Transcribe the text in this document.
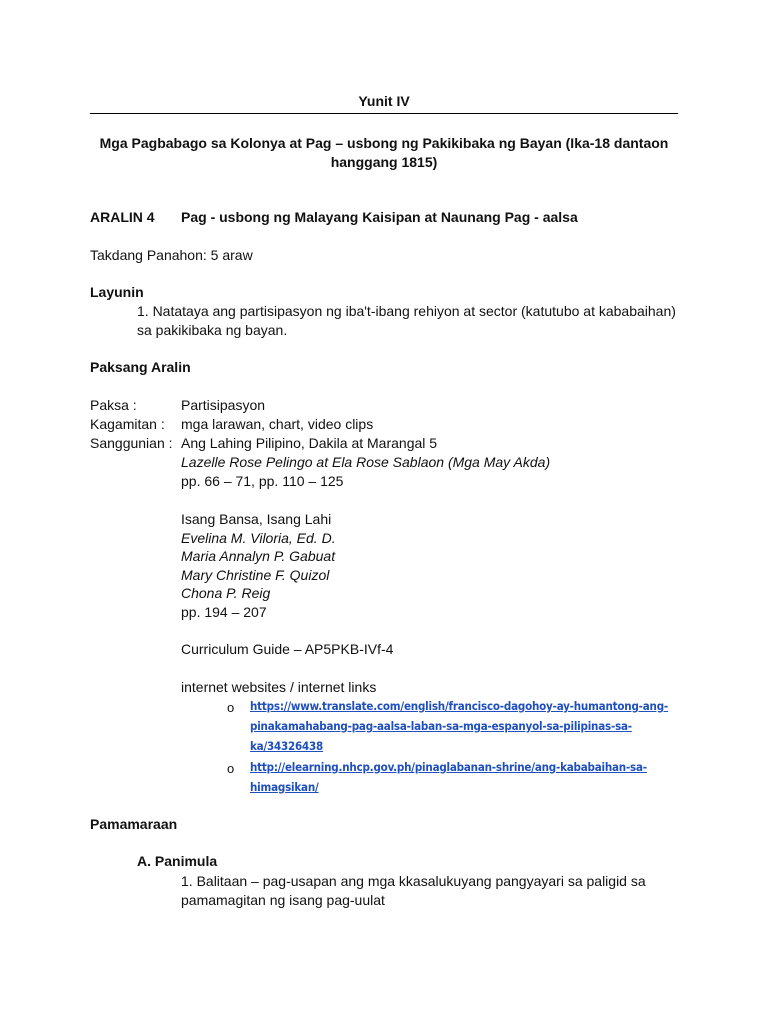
Yunit IV
Mga Pagbabago sa Kolonya at Pag – usbong ng Pakikibaka ng Bayan (Ika-18 dantaon
hanggang 1815)
ARALIN 4 Pag - usbong ng Malayang Kaisipan at Naunang Pag - aalsa
Takdang Panahon: 5 araw
Layunin
1. Natataya ang partisipasyon ng iba't-ibang rehiyon at sector (katutubo at kababaihan)
sa pakikibaka ng bayan.
Paksang Aralin
Paksa :	Partisipasyon
Kagamitan : mga larawan, chart, video clips
Sanggunian : Ang Lahing Pilipino, Dakila at Marangal 5
Lazelle Rose Pelingo at Ela Rose Sablaon (Mga May Akda)
pp. 66 – 71, pp. 110 – 125
Isang Bansa, Isang Lahi
Evelina M. Viloria, Ed. D.
Maria Annalyn P. Gabuat
Mary Christine F. Quizol
Chona P. Reig
pp. 194 – 207
Curriculum Guide – AP5PKB-IVf-4
internet websites / internet links
o https://www.translate.com/english/francisco-dagohoy-ay-humantong-ang-
pinakamahabang-pag-aalsa-laban-sa-mga-espanyol-sa-pilipinas-sa-
ka/34326438
o http://elearning.nhcp.gov.ph/pinaglabanan-shrine/ang-kababaihan-sa-
himagsikan/
Pamamaraan
A. Panimula
1. Balitaan – pag-usapan ang mga kkasalukuyang pangyayari sa paligid sa
pamamagitan ng isang pag-uulat
